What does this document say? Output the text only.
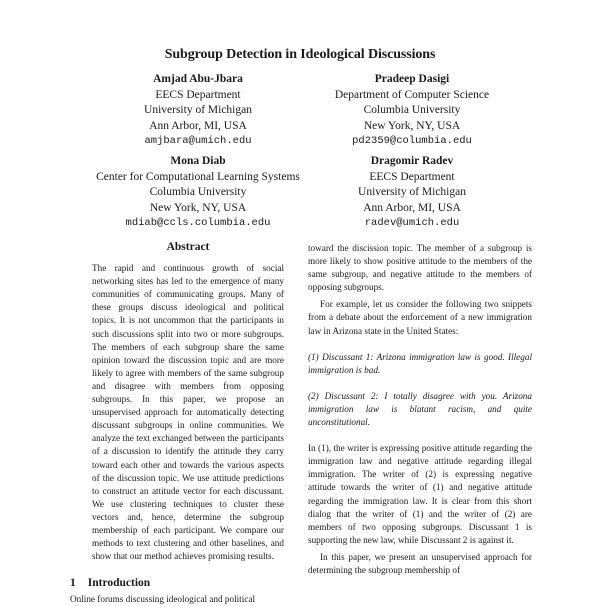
Subgroup Detection in Ideological Discussions
Amjad Abu-Jbara
EECS Department
University of Michigan
Ann Arbor, MI, USA
amjbara@umich.edu
Pradeep Dasigi
Department of Computer Science
Columbia University
New York, NY, USA
pd2359@columbia.edu
Mona Diab
Center for Computational Learning Systems
Columbia University
New York, NY, USA
mdiab@ccls.columbia.edu
Dragomir Radev
EECS Department
University of Michigan
Ann Arbor, MI, USA
radev@umich.edu
Abstract
The rapid and continuous growth of social networking sites has led to the emergence of many communities of communicating groups. Many of these groups discuss ideological and political topics. It is not uncommon that the participants in such discussions split into two or more subgroups. The members of each subgroup share the same opinion toward the discussion topic and are more likely to agree with members of the same subgroup and disagree with members from opposing subgroups. In this paper, we propose an unsupervised approach for automatically detecting discussant subgroups in online communities. We analyze the text exchanged between the participants of a discussion to identify the attitude they carry toward each other and towards the various aspects of the discussion topic. We use attitude predictions to construct an attitude vector for each discussant. We use clustering techniques to cluster these vectors and, hence, determine the subgroup membership of each participant. We compare our methods to text clustering and other baselines, and show that our method achieves promising results.
1 Introduction
Online forums discussing ideological and political

toward the discission topic. The member of a subgroup is more likely to show positive attitude to the members of the same subgroup, and negative attitude to the members of opposing subgroups.

For example, let us consider the following two snippets from a debate about the enforcement of a new immigration law in Arizona state in the United States:

(1) Discussant 1: Arizona immigration law is good. Illegal immigration is bad.

(2) Discussant 2: I totally disagree with you. Arizona immigration law is blatant racism, and quite unconstitutional.

In (1), the writer is expressing positive attitude regarding the immigration law and negative attitude regarding illegal immigration. The writer of (2) is expressing negative attitude towards the writer of (1) and negative attitude regarding the immigration law. It is clear from this short dialog that the writer of (1) and the writer of (2) are members of two opposing subgroups. Discussant 1 is supporting the new law, while Discussant 2 is against it.

In this paper, we present an unsupervised approach for determining the subgroup membership of
